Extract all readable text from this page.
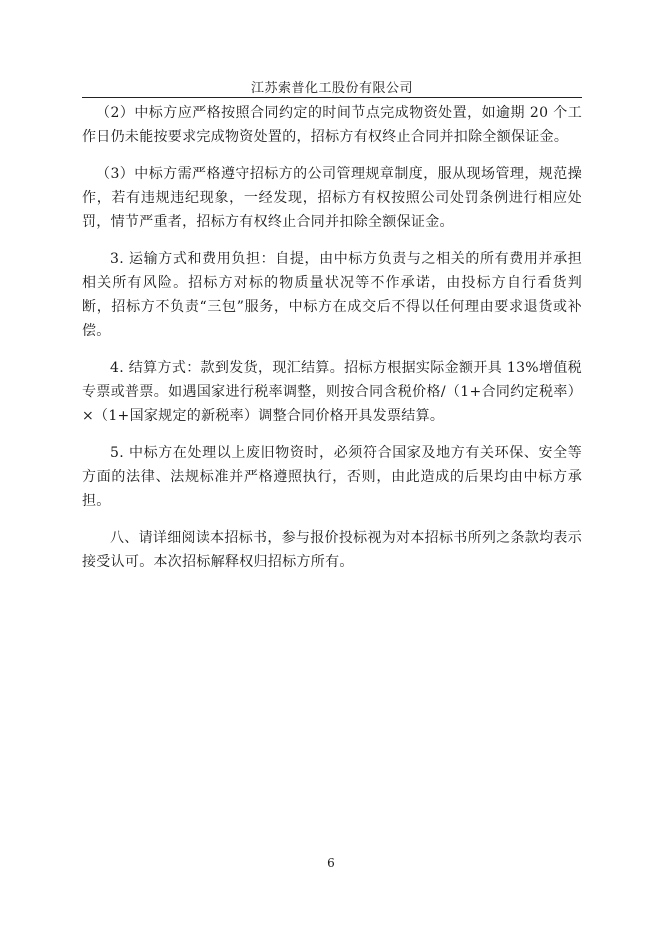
江苏索普化工股份有限公司

（2）中标方应严格按照合同约定的时间节点完成物资处置，如逾期 20 个工作日仍未能按要求完成物资处置的，招标方有权终止合同并扣除全额保证金。

（3）中标方需严格遵守招标方的公司管理规章制度，服从现场管理，规范操作，若有违规违纪现象，一经发现，招标方有权按照公司处罚条例进行相应处罚，情节严重者，招标方有权终止合同并扣除全额保证金。

3. 运输方式和费用负担：自提，由中标方负责与之相关的所有费用并承担相关所有风险。招标方对标的物质量状况等不作承诺，由投标方自行看货判断，招标方不负责“三包”服务，中标方在成交后不得以任何理由要求退货或补偿。

4. 结算方式：款到发货，现汇结算。招标方根据实际金额开具 13%增值税专票或普票。如遇国家进行税率调整，则按合同含税价格/（1+合同约定税率）×（1+国家规定的新税率）调整合同价格开具发票结算。

5. 中标方在处理以上废旧物资时，必须符合国家及地方有关环保、安全等方面的法律、法规标准并严格遵照执行，否则，由此造成的后果均由中标方承担。

八、请详细阅读本招标书，参与报价投标视为对本招标书所列之条款均表示接受认可。本次招标解释权归招标方所有。

6
